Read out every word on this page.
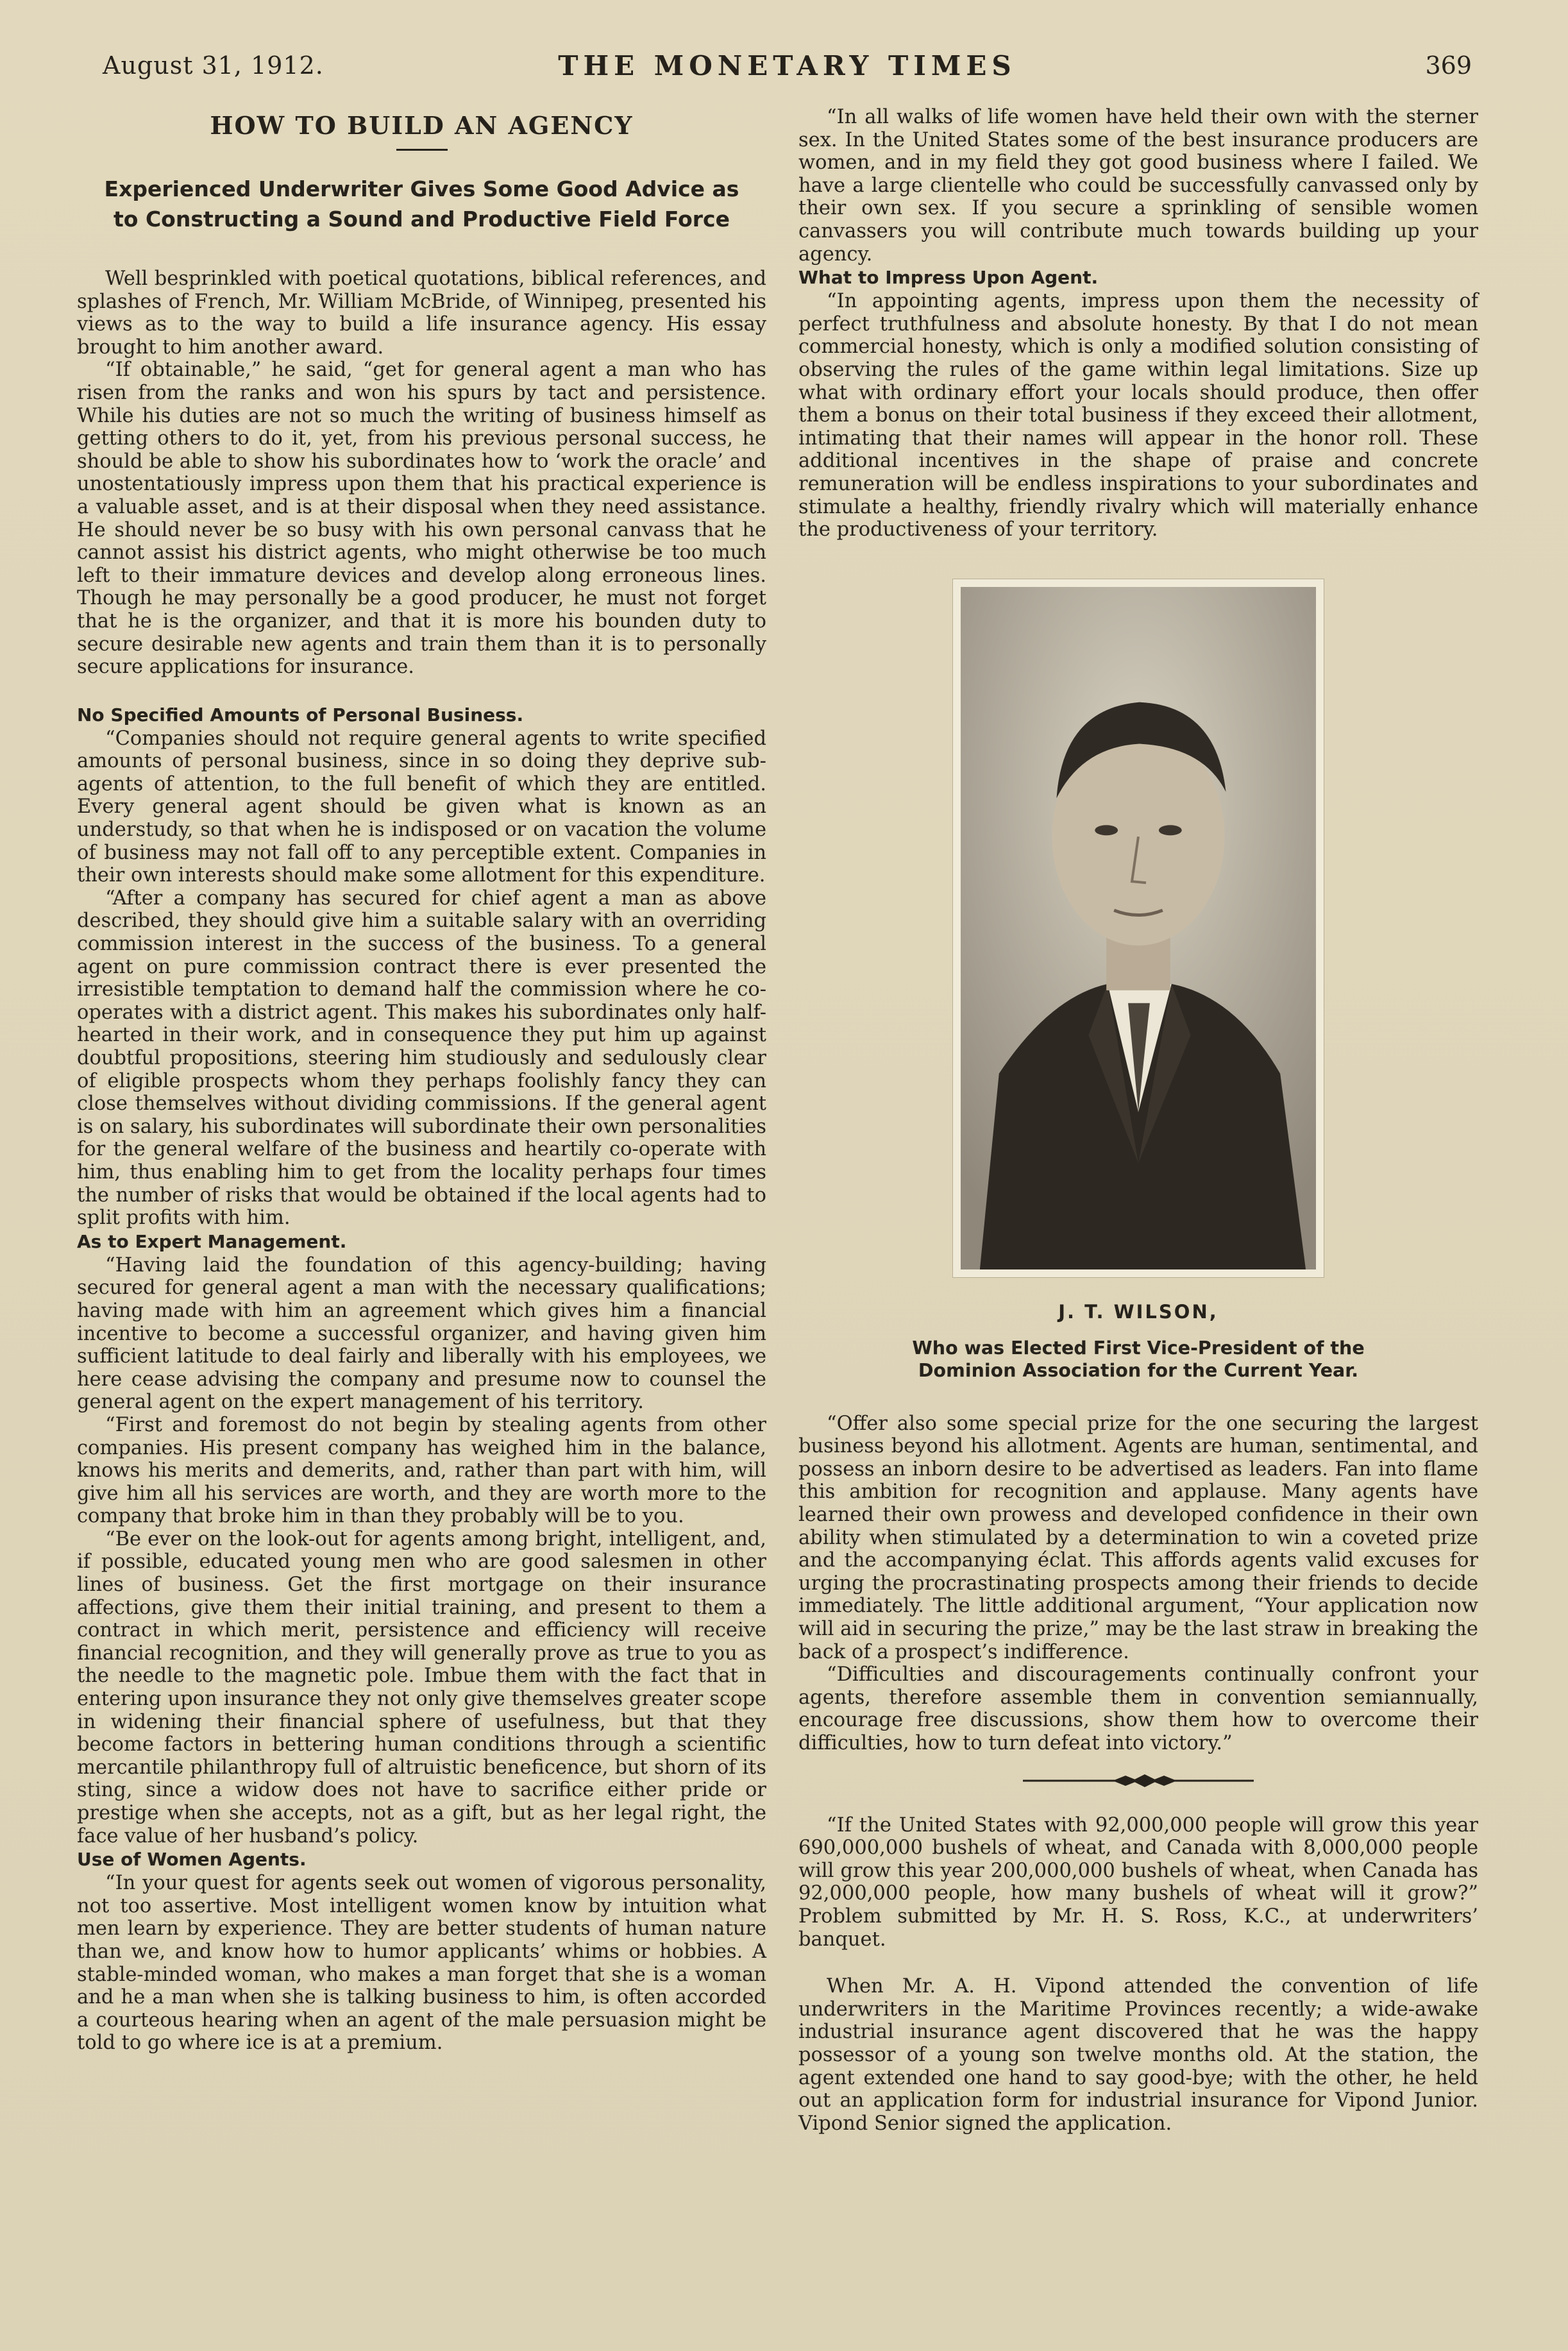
August 31, 1912.	THE MONETARY TIMES	369
HOW TO BUILD AN AGENCY
Experienced Underwriter Gives Some Good Advice as to Constructing a Sound and Productive Field Force

Well besprinkled with poetical quotations, biblical references, and splashes of French, Mr. William McBride, of Winnipeg, presented his views as to the way to build a life insurance agency. His essay brought to him another award.

“If obtainable,” he said, “get for general agent a man who has risen from the ranks and won his spurs by tact and persistence. While his duties are not so much the writing of business himself as getting others to do it, yet, from his previous personal success, he should be able to show his subordinates how to ‘work the oracle’ and unostentatiously impress upon them that his practical experience is a valuable asset, and is at their disposal when they need assistance. He should never be so busy with his own personal canvass that he cannot assist his district agents, who might otherwise be too much left to their immature devices and develop along erroneous lines. Though he may personally be a good producer, he must not forget that he is the organizer, and that it is more his bounden duty to secure desirable new agents and train them than it is to personally secure applications for insurance.

No Specified Amounts of Personal Business.

“Companies should not require general agents to write specified amounts of personal business, since in so doing they deprive sub-agents of attention, to the full benefit of which they are entitled. Every general agent should be given what is known as an understudy, so that when he is indisposed or on vacation the volume of business may not fall off to any perceptible extent. Companies in their own interests should make some allotment for this expenditure.

“After a company has secured for chief agent a man as above described, they should give him a suitable salary with an overriding commission interest in the success of the business. To a general agent on pure commission contract there is ever presented the irresistible temptation to demand half the commission where he co-operates with a district agent. This makes his subordinates only half-hearted in their work, and in consequence they put him up against doubtful propositions, steering him studiously and sedulously clear of eligible prospects whom they perhaps foolishly fancy they can close themselves without dividing commissions. If the general agent is on salary, his subordinates will subordinate their own personalities for the general welfare of the business and heartily co-operate with him, thus enabling him to get from the locality perhaps four times the number of risks that would be obtained if the local agents had to split profits with him.

As to Expert Management.

“Having laid the foundation of this agency-building; having secured for general agent a man with the necessary qualifications; having made with him an agreement which gives him a financial incentive to become a successful organizer, and having given him sufficient latitude to deal fairly and liberally with his employees, we here cease advising the company and presume now to counsel the general agent on the expert management of his territory.

“First and foremost do not begin by stealing agents from other companies. His present company has weighed him in the balance, knows his merits and demerits, and, rather than part with him, will give him all his services are worth, and they are worth more to the company that broke him in than they probably will be to you.

“Be ever on the look-out for agents among bright, intelligent, and, if possible, educated young men who are good salesmen in other lines of business. Get the first mortgage on their insurance affections, give them their initial training, and present to them a contract in which merit, persistence and efficiency will receive financial recognition, and they will generally prove as true to you as the needle to the magnetic pole. Imbue them with the fact that in entering upon insurance they not only give themselves greater scope in widening their financial sphere of usefulness, but that they become factors in bettering human conditions through a scientific mercantile philanthropy full of altruistic beneficence, but shorn of its sting, since a widow does not have to sacrifice either pride or prestige when she accepts, not as a gift, but as her legal right, the face value of her husband’s policy.

Use of Women Agents.

“In your quest for agents seek out women of vigorous personality, not too assertive. Most intelligent women know by intuition what men learn by experience. They are better students of human nature than we, and know how to humor applicants’ whims or hobbies. A stable-minded woman, who makes a man forget that she is a woman and he a man when she is talking business to him, is often accorded a courteous hearing when an agent of the male persuasion might be told to go where ice is at a premium.

“In all walks of life women have held their own with the sterner sex. In the United States some of the best insurance producers are women, and in my field they got good business where I failed. We have a large clientelle who could be successfully canvassed only by their own sex. If you secure a sprinkling of sensible women canvassers you will contribute much towards building up your agency.

What to Impress Upon Agent.

“In appointing agents, impress upon them the necessity of perfect truthfulness and absolute honesty. By that I do not mean commercial honesty, which is only a modified solution consisting of observing the rules of the game within legal limitations. Size up what with ordinary effort your locals should produce, then offer them a bonus on their total business if they exceed their allotment, intimating that their names will appear in the honor roll. These additional incentives in the shape of praise and concrete remuneration will be endless inspirations to your subordinates and stimulate a healthy, friendly rivalry which will materially enhance the productiveness of your territory.

J. T. WILSON,
Who was Elected First Vice-President of the Dominion Association for the Current Year.

“Offer also some special prize for the one securing the largest business beyond his allotment. Agents are human, sentimental, and possess an inborn desire to be advertised as leaders. Fan into flame this ambition for recognition and applause. Many agents have learned their own prowess and developed confidence in their own ability when stimulated by a determination to win a coveted prize and the accompanying éclat. This affords agents valid excuses for urging the procrastinating prospects among their friends to decide immediately. The little additional argument, “Your application now will aid in securing the prize,” may be the last straw in breaking the back of a prospect’s indifference.

“Difficulties and discouragements continually confront your agents, therefore assemble them in convention semiannually, encourage free discussions, show them how to overcome their difficulties, how to turn defeat into victory.”

“If the United States with 92,000,000 people will grow this year 690,000,000 bushels of wheat, and Canada with 8,000,000 people will grow this year 200,000,000 bushels of wheat, when Canada has 92,000,000 people, how many bushels of wheat will it grow?” Problem submitted by Mr. H. S. Ross, K.C., at underwriters’ banquet.

When Mr. A. H. Vipond attended the convention of life underwriters in the Maritime Provinces recently; a wide-awake industrial insurance agent discovered that he was the happy possessor of a young son twelve months old. At the station, the agent extended one hand to say good-bye; with the other, he held out an application form for industrial insurance for Vipond Junior. Vipond Senior signed the application.
